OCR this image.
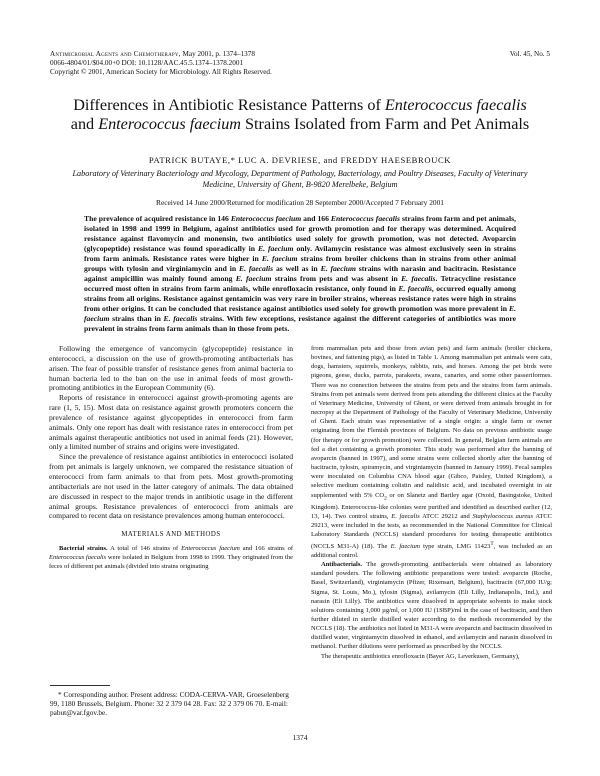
Antimicrobial Agents and Chemotherapy, May 2001, p. 1374–1378
0066-4804/01/$04.00+0 DOI: 10.1128/AAC.45.5.1374–1378.2001
Copyright © 2001, American Society for Microbiology. All Rights Reserved.
Vol. 45, No. 5
Differences in Antibiotic Resistance Patterns of Enterococcus faecalis and Enterococcus faecium Strains Isolated from Farm and Pet Animals
PATRICK BUTAYE,* LUC A. DEVRIESE, and FREDDY HAESEBROUCK
Laboratory of Veterinary Bacteriology and Mycology, Department of Pathology, Bacteriology, and Poultry Diseases, Faculty of Veterinary Medicine, University of Ghent, B-9820 Merelbeke, Belgium
Received 14 June 2000/Returned for modification 28 September 2000/Accepted 7 February 2001
The prevalence of acquired resistance in 146 Enterococcus faecium and 166 Enterococcus faecalis strains from farm and pet animals, isolated in 1998 and 1999 in Belgium, against antibiotics used for growth promotion and for therapy was determined. Acquired resistance against flavomycin and monensin, two antibiotics used solely for growth promotion, was not detected. Avoparcin (glycopeptide) resistance was found sporadically in E. faecium only. Avilamycin resistance was almost exclusively seen in strains from farm animals. Resistance rates were higher in E. faecium strains from broiler chickens than in strains from other animal groups with tylosin and virginiamycin and in E. faecalis as well as in E. faecium strains with narasin and bacitracin. Resistance against ampicillin was mainly found among E. faecium strains from pets and was absent in E. faecalis. Tetracycline resistance occurred most often in strains from farm animals, while enrofloxacin resistance, only found in E. faecalis, occurred equally among strains from all origins. Resistance against gentamicin was very rare in broiler strains, whereas resistance rates were high in strains from other origins. It can be concluded that resistance against antibiotics used solely for growth promotion was more prevalent in E. faecium strains than in E. faecalis strains. With few exceptions, resistance against the different categories of antibiotics was more prevalent in strains from farm animals than in those from pets.

Following the emergence of vancomycin (glycopeptide) resistance in enterococci, a discussion on the use of growth-promoting antibacterials has arisen. The fear of possible transfer of resistance genes from animal bacteria to human bacteria led to the ban on the use in animal feeds of most growth-promoting antibiotics in the European Community (6).

Reports of resistance in enterococci against growth-promoting agents are rare (1, 5, 15). Most data on resistance against growth promoters concern the prevalence of resistance against glycopeptides in enterococci from farm animals. Only one report has dealt with resistance rates in enterococci from pet animals against therapeutic antibiotics not used in animal feeds (21). However, only a limited number of strains and origins were investigated.

Since the prevalence of resistance against antibiotics in enterococci isolated from pet animals is largely unknown, we compared the resistance situation of enterococci from farm animals to that from pets. Most growth-promoting antibacterials are not used in the latter category of animals. The data obtained are discussed in respect to the major trends in antibiotic usage in the different animal groups. Resistance prevalences of enterococci from animals are compared to recent data on resistance prevalences among human enterococci.

MATERIALS AND METHODS

Bacterial strains. A total of 146 strains of Enterococcus faecium and 166 strains of Enterococcus faecalis were isolated in Belgium from 1998 to 1999. They originated from the feces of different pet animals (divided into strains originating

from mammalian pets and those from avian pets) and farm animals (broiler chickens, bovines, and fattening pigs), as listed in Table 1. Among mammalian pet animals were cats, dogs, hamsters, squirrels, monkeys, rabbits, rats, and horses. Among the pet birds were pigeons, geese, ducks, parrots, parakeets, swans, canaries, and some other passeriformes. There was no connection between the strains from pets and the strains from farm animals. Strains from pet animals were derived from pets attending the different clinics at the Faculty of Veterinary Medicine, University of Ghent, or were derived from animals brought in for necropsy at the Department of Pathology of the Faculty of Veterinary Medicine, University of Ghent. Each strain was representative of a single origin: a single farm or owner originating from the Flemish provinces of Belgium. No data on previous antibiotic usage (for therapy or for growth promotion) were collected. In general, Belgian farm animals are fed a diet containing a growth promoter. This study was performed after the banning of avoparcin (banned in 1997), and some strains were collected shortly after the banning of bacitracin, tylosin, spiramycin, and virginiamycin (banned in January 1999). Fecal samples were inoculated on Columbia CNA blood agar (Gibco, Paisley, United Kingdom), a selective medium containing colistin and nalidixic acid, and incubated overnight in air supplemented with 5% $CO_2$ or on Slanetz and Bartley agar (Oxoid, Basingstoke, United Kingdom). Enterococcus-like colonies were purified and identified as described earlier (12, 13, 14). Two control strains, E. faecalis ATCC 29212 and Staphylococcus aureus ATCC 29213, were included in the tests, as recommended in the National Committee for Clinical Laboratory Standards (NCCLS) standard procedures for testing therapeutic antibiotics (NCCLS M31-A) (18). The E. faecium type strain, LMG $11423^T$, was included as an additional control.

Antibacterials. The growth-promoting antibacterials were obtained as laboratory standard powders. The following antibiotic preparations were tested: avoparcin (Roche, Basel, Switzerland), virginiamycin (Pfizer, Rixensart, Belgium), bacitracin (67,000 IU/g; Sigma, St. Louis, Mo.), tylosin (Sigma), avilamycin (Eli Lilly, Indianapolis, Ind.), and narasin (Eli Lilly). The antibiotics were dissolved in appropriate solvents to make stock solutions containing 1,000 µg/ml, or 1,000 IU (1SBP)/ml in the case of bacitracin, and then further diluted in sterile distilled water according to the methods recommended by the NCCLS (18). The antibiotics not listed in M31-A were avoparcin and bacitracin dissolved in distilled water, virginiamycin dissolved in ethanol, and avilamycin and narasin dissolved in methanol. Further dilutions were performed as prescribed by the NCCLS.

The therapeutic antibiotics enrofloxacin (Bayer AG, Leverkusen, Germany),

* Corresponding author. Present address: CODA-CERVA-VAR, Groeselenberg 99, 1180 Brussels, Belgium. Phone: 32 2 379 04 28. Fax: 32 2 379 06 70. E-mail: pabut@var.fgov.be.

1374
